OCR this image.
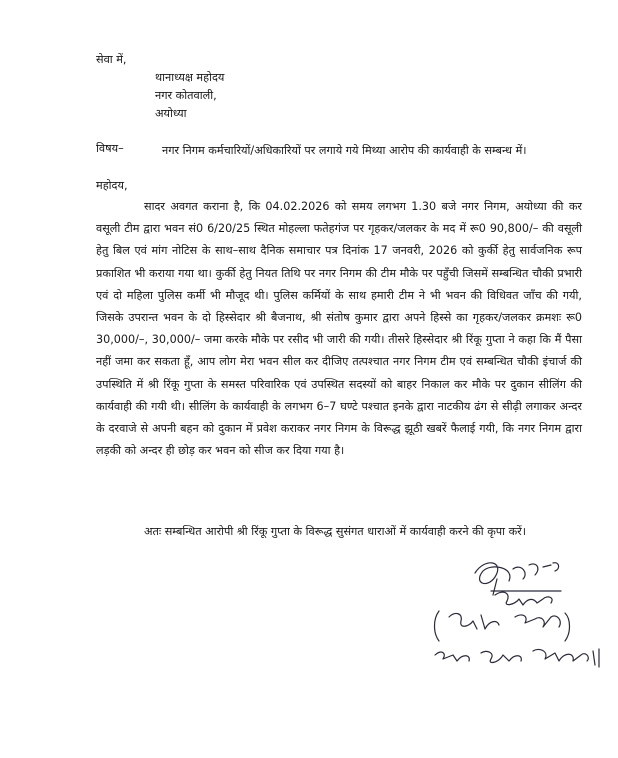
सेवा में,
थानाध्यक्ष महोदय
नगर कोतवाली,
अयोध्या
विषय–	नगर निगम कर्मचारियों/अधिकारियों पर लगाये गये मिथ्या आरोप की कार्यवाही के सम्बन्ध में।
महोदय,
सादर अवगत कराना है, कि 04.02.2026 को समय लगभग 1.30 बजे नगर निगम, अयोध्या की कर वसूली टीम द्वारा भवन सं0 6/20/25 स्थित मोहल्ला फतेहगंज पर गृहकर/जलकर के मद में रू0 90,800/– की वसूली हेतु बिल एवं मांग नोटिस के साथ–साथ दैनिक समाचार पत्र दिनांक 17 जनवरी, 2026 को कुर्की हेतु सार्वजनिक रूप प्रकाशित भी कराया गया था। कुर्की हेतु नियत तिथि पर नगर निगम की टीम मौके पर पहुँची जिसमें सम्बन्धित चौकी प्रभारी एवं दो महिला पुलिस कर्मी भी मौजूद थी। पुलिस कर्मियों के साथ हमारी टीम ने भी भवन की विधिवत जाँच की गयी, जिसके उपरान्त भवन के दो हिस्सेदार श्री बैजनाथ, श्री संतोष कुमार द्वारा अपने हिस्से का गृहकर/जलकर क्रमशः रू0 30,000/–, 30,000/– जमा करके मौके पर रसीद भी जारी की गयी। तीसरे हिस्सेदार श्री रिंकू गुप्ता ने कहा कि मैं पैसा नहीं जमा कर सकता हूँ, आप लोग मेरा भवन सील कर दीजिए तत्पश्चात नगर निगम टीम एवं सम्बन्धित चौकी इंचार्ज की उपस्थिति में श्री रिंकू गुप्ता के समस्त परिवारिक एवं उपस्थित सदस्यों को बाहर निकाल कर मौके पर दुकान सीलिंग की कार्यवाही की गयी थी। सीलिंग के कार्यवाही के लगभग 6–7 घण्टे पश्चात इनके द्वारा नाटकीय ढंग से सीढ़ी लगाकर अन्दर के दरवाजे से अपनी बहन को दुकान में प्रवेश कराकर नगर निगम के विरूद्ध झूठी खबरें फैलाई गयी, कि नगर निगम द्वारा लड़की को अन्दर ही छोड़ कर भवन को सीज कर दिया गया है।
अतः सम्बन्धित आरोपी श्री रिंकू गुप्ता के विरूद्ध सुसंगत धाराओं में कार्यवाही करने की कृपा करें।
